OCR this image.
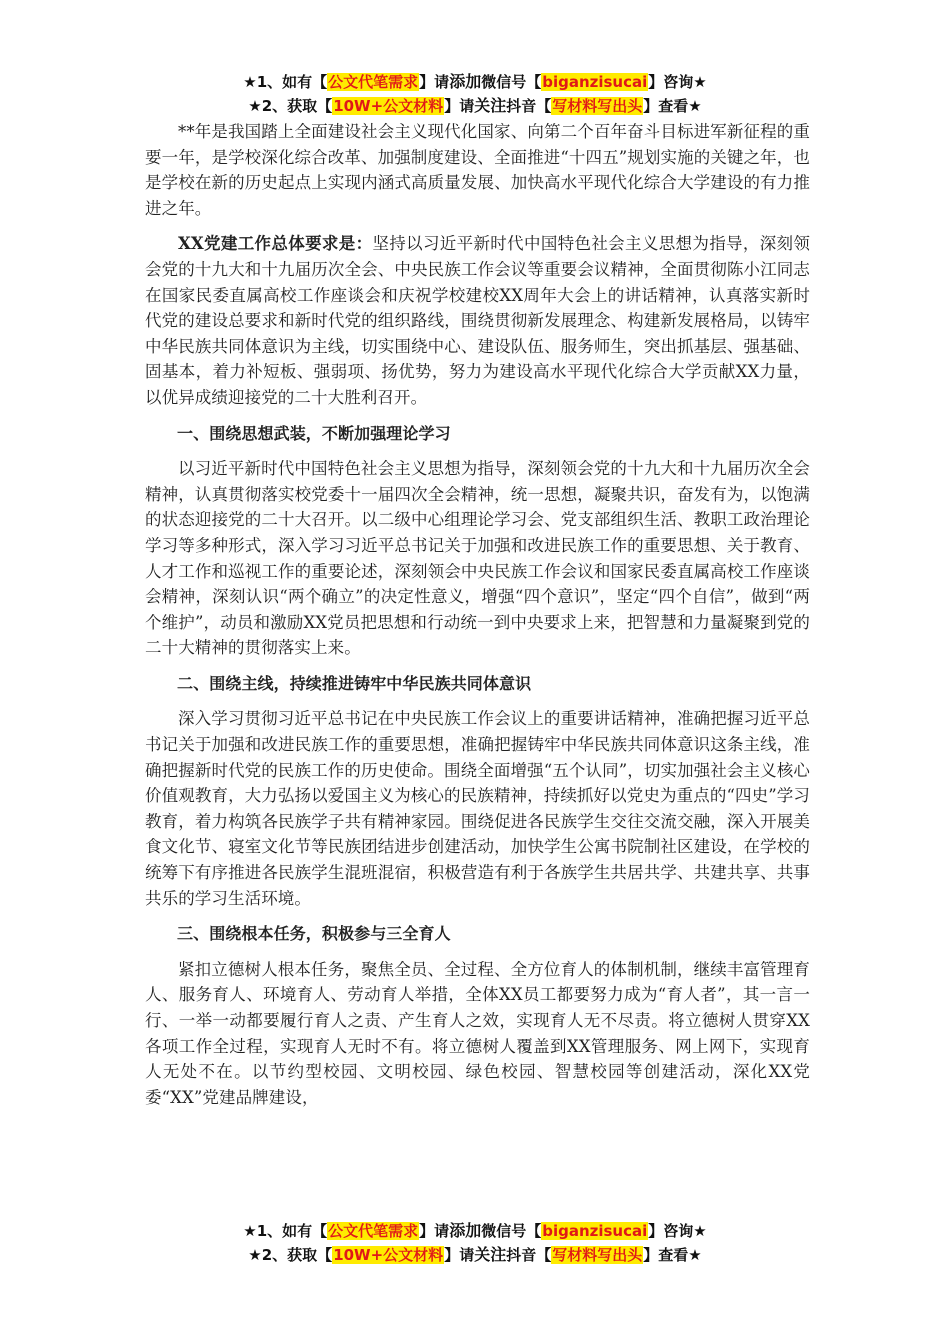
★1、如有【公文代笔需求】请添加微信号【biganzisucai】咨询★
★2、获取【10W+公文材料】请关注抖音【写材料写出头】查看★

**年是我国踏上全面建设社会主义现代化国家、向第二个百年奋斗目标进军新征程的重要一年，是学校深化综合改革、加强制度建设、全面推进“十四五”规划实施的关键之年，也是学校在新的历史起点上实现内涵式高质量发展、加快高水平现代化综合大学建设的有力推进之年。

XX党建工作总体要求是：坚持以习近平新时代中国特色社会主义思想为指导，深刻领会党的十九大和十九届历次全会、中央民族工作会议等重要会议精神，全面贯彻陈小江同志在国家民委直属高校工作座谈会和庆祝学校建校XX周年大会上的讲话精神，认真落实新时代党的建设总要求和新时代党的组织路线，围绕贯彻新发展理念、构建新发展格局，以铸牢中华民族共同体意识为主线，切实围绕中心、建设队伍、服务师生，突出抓基层、强基础、固基本，着力补短板、强弱项、扬优势，努力为建设高水平现代化综合大学贡献XX力量，以优异成绩迎接党的二十大胜利召开。

一、围绕思想武装，不断加强理论学习

以习近平新时代中国特色社会主义思想为指导，深刻领会党的十九大和十九届历次全会精神，认真贯彻落实校党委十一届四次全会精神，统一思想，凝聚共识，奋发有为，以饱满的状态迎接党的二十大召开。以二级中心组理论学习会、党支部组织生活、教职工政治理论学习等多种形式，深入学习习近平总书记关于加强和改进民族工作的重要思想、关于教育、人才工作和巡视工作的重要论述，深刻领会中央民族工作会议和国家民委直属高校工作座谈会精神，深刻认识“两个确立”的决定性意义，增强“四个意识”，坚定“四个自信”，做到“两个维护”，动员和激励XX党员把思想和行动统一到中央要求上来，把智慧和力量凝聚到党的二十大精神的贯彻落实上来。

二、围绕主线，持续推进铸牢中华民族共同体意识

深入学习贯彻习近平总书记在中央民族工作会议上的重要讲话精神，准确把握习近平总书记关于加强和改进民族工作的重要思想，准确把握铸牢中华民族共同体意识这条主线，准确把握新时代党的民族工作的历史使命。围绕全面增强“五个认同”，切实加强社会主义核心价值观教育，大力弘扬以爱国主义为核心的民族精神，持续抓好以党史为重点的“四史”学习教育，着力构筑各民族学子共有精神家园。围绕促进各民族学生交往交流交融，深入开展美食文化节、寝室文化节等民族团结进步创建活动，加快学生公寓书院制社区建设，在学校的统筹下有序推进各民族学生混班混宿，积极营造有利于各族学生共居共学、共建共享、共事共乐的学习生活环境。

三、围绕根本任务，积极参与三全育人

紧扣立德树人根本任务，聚焦全员、全过程、全方位育人的体制机制，继续丰富管理育人、服务育人、环境育人、劳动育人举措，全体XX员工都要努力成为“育人者”，其一言一行、一举一动都要履行育人之责、产生育人之效，实现育人无不尽责。将立德树人贯穿XX各项工作全过程，实现育人无时不有。将立德树人覆盖到XX管理服务、网上网下，实现育人无处不在。以节约型校园、文明校园、绿色校园、智慧校园等创建活动，深化XX党委“XX”党建品牌建设，

★1、如有【公文代笔需求】请添加微信号【biganzisucai】咨询★
★2、获取【10W+公文材料】请关注抖音【写材料写出头】查看★
